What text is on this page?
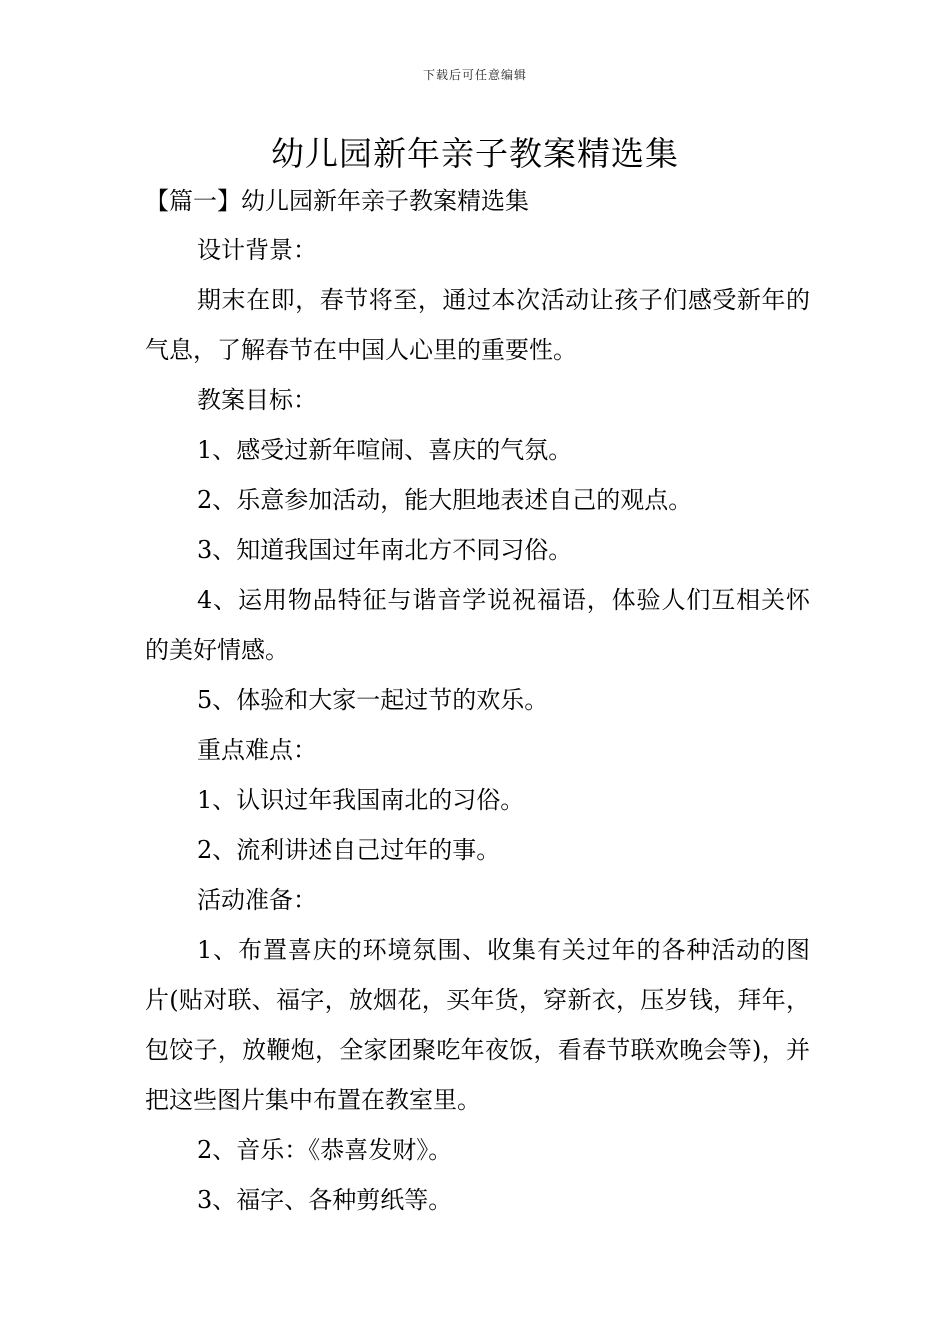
下载后可任意编辑
幼儿园新年亲子教案精选集
【篇一】幼儿园新年亲子教案精选集

设计背景：

期末在即，春节将至，通过本次活动让孩子们感受新年的气息，了解春节在中国人心里的重要性。

教案目标：

1、感受过新年喧闹、喜庆的气氛。

2、乐意参加活动，能大胆地表述自己的观点。

3、知道我国过年南北方不同习俗。

4、运用物品特征与谐音学说祝福语，体验人们互相关怀的美好情感。

5、体验和大家一起过节的欢乐。

重点难点：

1、认识过年我国南北的习俗。

2、流利讲述自己过年的事。

活动准备：

1、布置喜庆的环境氛围、收集有关过年的各种活动的图片(贴对联、福字，放烟花，买年货，穿新衣，压岁钱，拜年，包饺子，放鞭炮，全家团聚吃年夜饭，看春节联欢晚会等)，并把这些图片集中布置在教室里。

2、音乐：《恭喜发财》。

3、福字、各种剪纸等。
